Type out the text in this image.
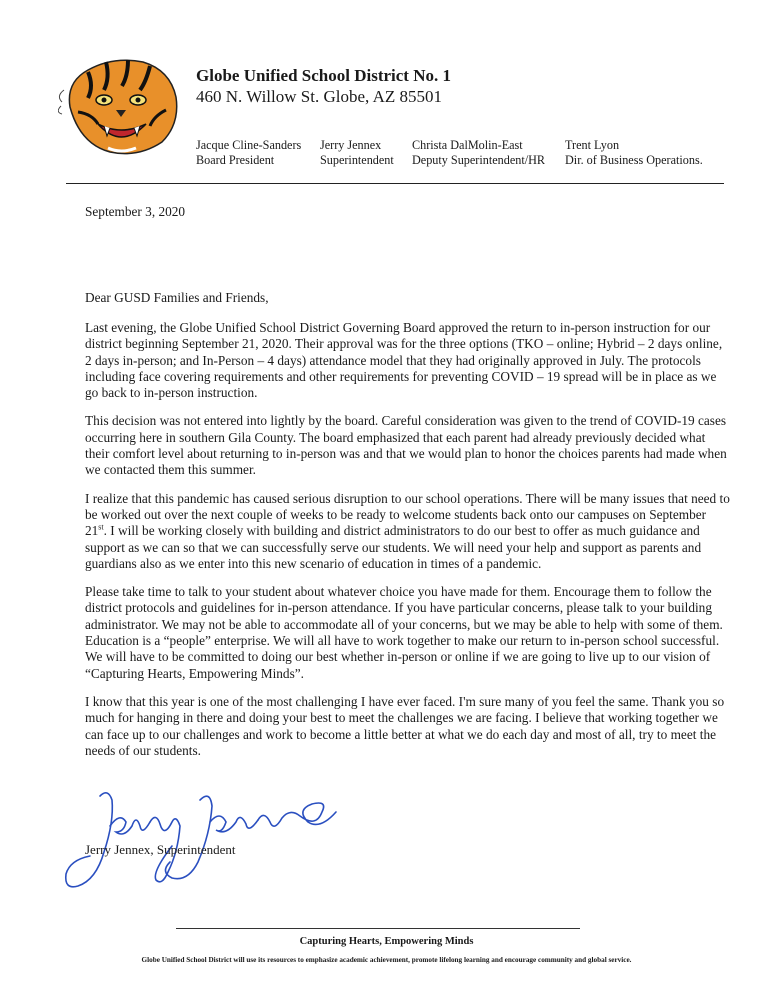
Globe Unified School District No. 1
460 N. Willow St. Globe, AZ 85501
Jacque Cline-Sanders
Board President
Jerry Jennex
Superintendent
Christa DalMolin-East
Deputy Superintendent/HR
Trent Lyon
Dir. of Business Operations.
September 3, 2020
Dear GUSD Families and Friends,

Last evening, the Globe Unified School District Governing Board approved the return to in-person instruction for our district beginning September 21, 2020. Their approval was for the three options (TKO – online; Hybrid – 2 days online, 2 days in-person; and In-Person – 4 days) attendance model that they had originally approved in July. The protocols including face covering requirements and other requirements for preventing COVID – 19 spread will be in place as we go back to in-person instruction.

This decision was not entered into lightly by the board. Careful consideration was given to the trend of COVID-19 cases occurring here in southern Gila County. The board emphasized that each parent had already previously decided what their comfort level about returning to in-person was and that we would plan to honor the choices parents had made when we contacted them this summer.

I realize that this pandemic has caused serious disruption to our school operations. There will be many issues that need to be worked out over the next couple of weeks to be ready to welcome students back onto our campuses on September 21st. I will be working closely with building and district administrators to do our best to offer as much guidance and support as we can so that we can successfully serve our students. We will need your help and support as parents and guardians also as we enter into this new scenario of education in times of a pandemic.

Please take time to talk to your student about whatever choice you have made for them. Encourage them to follow the district protocols and guidelines for in-person attendance. If you have particular concerns, please talk to your building administrator. We may not be able to accommodate all of your concerns, but we may be able to help with some of them. Education is a “people” enterprise. We will all have to work together to make our return to in-person school successful. We will have to be committed to doing our best whether in-person or online if we are going to live up to our vision of “Capturing Hearts, Empowering Minds”.

I know that this year is one of the most challenging I have ever faced. I'm sure many of you feel the same. Thank you so much for hanging in there and doing your best to meet the challenges we are facing. I believe that working together we can face up to our challenges and work to become a little better at what we do each day and most of all, try to meet the needs of our students.

Jerry Jennex, Superintendent
Capturing Hearts, Empowering Minds
Globe Unified School District will use its resources to emphasize academic achievement, promote lifelong learning and encourage community and global service.
